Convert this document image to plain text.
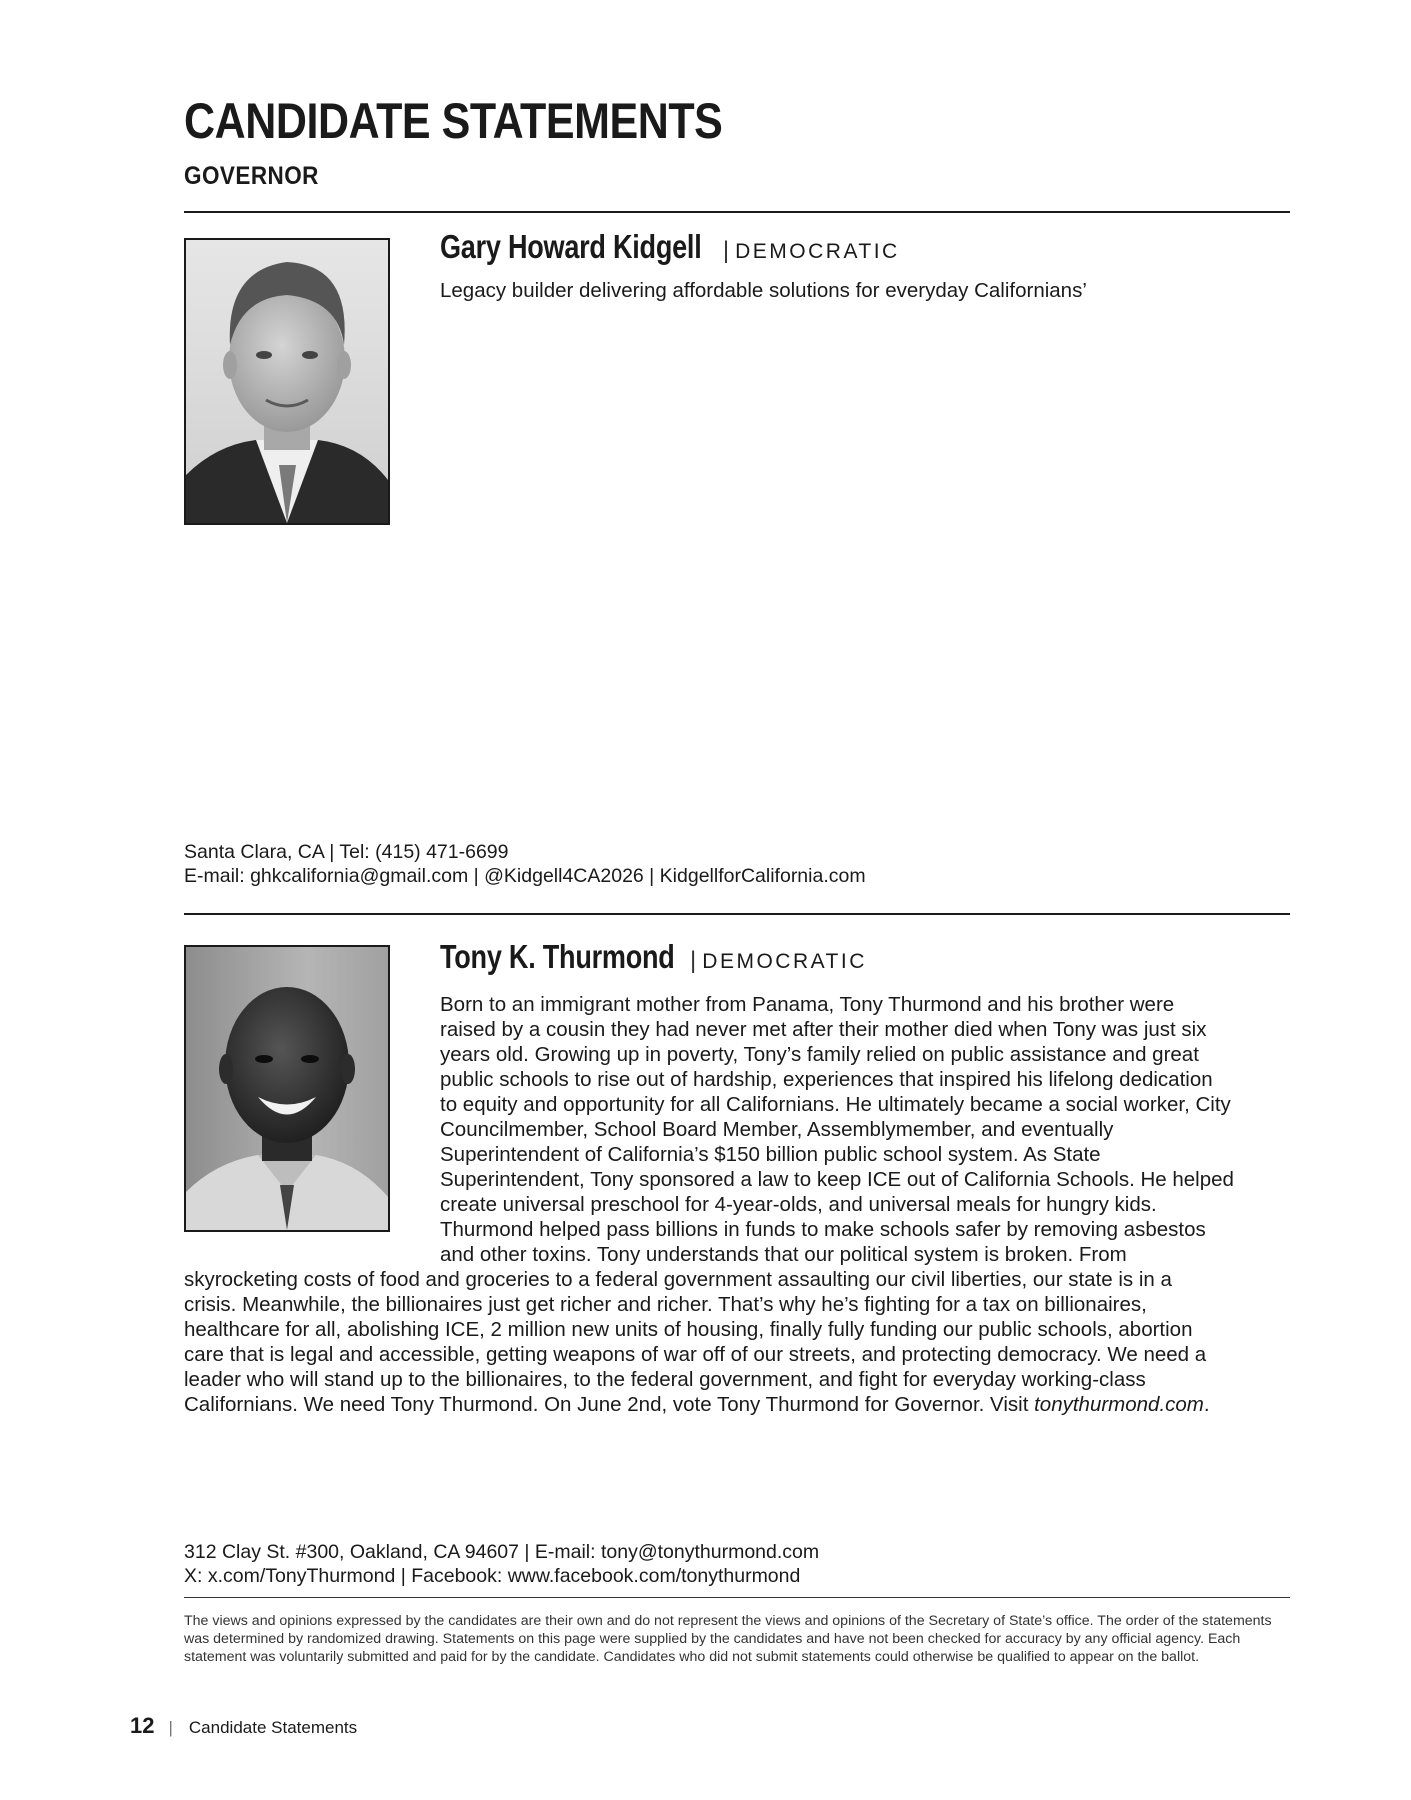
CANDIDATE STATEMENTS
GOVERNOR
Gary Howard Kidgell | DEMOCRATIC

Legacy builder delivering affordable solutions for everyday Californians’

Santa Clara, CA | Tel: (415) 471-6699
E-mail: ghkcalifornia@gmail.com | @Kidgell4CA2026 | KidgellforCalifornia.com
Tony K. Thurmond | DEMOCRATIC
Born to an immigrant mother from Panama, Tony Thurmond and his brother were
raised by a cousin they had never met after their mother died when Tony was just six
years old. Growing up in poverty, Tony’s family relied on public assistance and great
public schools to rise out of hardship, experiences that inspired his lifelong dedication
to equity and opportunity for all Californians. He ultimately became a social worker, City
Councilmember, School Board Member, Assemblymember, and eventually
Superintendent of California’s $150 billion public school system. As State
Superintendent, Tony sponsored a law to keep ICE out of California Schools. He helped
create universal preschool for 4-year-olds, and universal meals for hungry kids.
Thurmond helped pass billions in funds to make schools safer by removing asbestos
and other toxins. Tony understands that our political system is broken. From
skyrocketing costs of food and groceries to a federal government assaulting our civil liberties, our state is in a
crisis. Meanwhile, the billionaires just get richer and richer. That’s why he’s fighting for a tax on billionaires,
healthcare for all, abolishing ICE, 2 million new units of housing, finally fully funding our public schools, abortion
care that is legal and accessible, getting weapons of war off of our streets, and protecting democracy. We need a
leader who will stand up to the billionaires, to the federal government, and fight for everyday working-class
Californians. We need Tony Thurmond. On June 2nd, vote Tony Thurmond for Governor. Visit tonythurmond.com.
312 Clay St. #300, Oakland, CA 94607 | E-mail: tony@tonythurmond.com
X: x.com/TonyThurmond | Facebook: www.facebook.com/tonythurmond

The views and opinions expressed by the candidates are their own and do not represent the views and opinions of the Secretary of State’s office. The order of the statements was determined by randomized drawing. Statements on this page were supplied by the candidates and have not been checked for accuracy by any official agency. Each statement was voluntarily submitted and paid for by the candidate. Candidates who did not submit statements could otherwise be qualified to appear on the ballot.

12 | Candidate Statements
